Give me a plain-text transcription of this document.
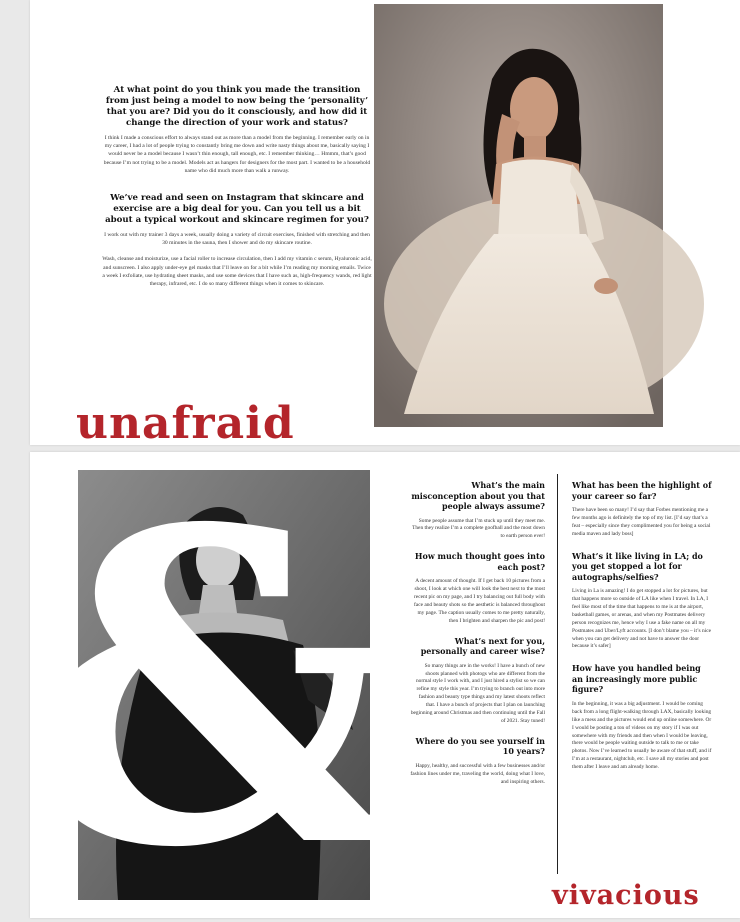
At what point do you think you made the transition from just being a model to now being the ‘personality’ that you are? Did you do it consciously, and how did it change the direction of your work and status?

I think I made a conscious effort to always stand out as more than a model from the beginning. I remember early on in my career, I had a lot of people trying to constantly bring me down and write nasty things about me, basically saying I would never be a model because I wasn’t thin enough, tall enough, etc. I remember thinking… Hmmm, that’s good because I’m not trying to be a model. Models act as hangers for designers for the most part. I wanted to be a household name who did much more than walk a runway.

We’ve read and seen on Instagram that skincare and exercise are a big deal for you. Can you tell us a bit about a typical workout and skincare regimen for you?

I work out with my trainer 3 days a week, usually doing a variety of circuit exercises, finished with stretching and then 30 minutes in the sauna, then I shower and do my skincare routine.

Wash, cleanse and moisturize, use a facial roller to increase circulation, then I add my vitamin c serum, Hyaluronic acid, and sunscreen. I also apply under-eye gel masks that I’ll leave on for a bit while I’m reading my morning emails. Twice a week I exfoliate, use hydrating sheet masks, and use some devices that I have such as, high-frequency wands, red light therapy, infrared, etc. I do so many different things when it comes to skincare.

unafraid
&	What’s the main misconception about you that people always assume?

Some people assume that I’m stuck up until they meet me. Then they realize I’m a complete goofball and the most down to earth person ever!

How much thought goes into each post?

A decent amount of thought. If I get back 10 pictures from a shoot, I look at which one will look the best next to the most recent pic on my page, and I try balancing out full body with face and beauty shots so the aesthetic is balanced throughout my page. The caption usually comes to me pretty naturally, then I brighten and sharpen the pic and post!

What’s next for you, personally and career wise?

So many things are in the works! I have a bunch of new shoots planned with photogs who are different from the normal style I work with, and I just hired a stylist so we can refine my style this year. I’m trying to branch out into more fashion and beauty type things and my latest shoots reflect that. I have a bunch of projects that I plan on launching beginning around Christmas and then continuing until the Fall of 2021. Stay tuned!

Where do you see yourself in 10 years?

Happy, healthy, and successful with a few businesses and/or fashion lines under me, traveling the world, doing what I love, and inspiring others.

What has been the highlight of your career so far?

There have been so many! I’d say that Forbes mentioning me a few months ago is definitely the top of my list. [I’d say that’s a feat – especially since they complimented you for being a social media maven and lady boss]

What’s it like living in LA; do you get stopped a lot for autographs/selfies?

Living in La is amazing! I do get stopped a lot for pictures, but that happens more so outside of LA like when I travel. In LA, I feel like most of the time that happens to me is at the airport, basketball games, or arenas, and when my Postmates delivery person recognizes me, hence why I use a fake name on all my Postmates and Uber/Lyft accounts. [I don’t blame you – it’s nice when you can get delivery and not have to answer the door because it’s safer]

How have you handled being an increasingly more public figure?

In the beginning, it was a big adjustment. I would be coming back from a long flight-walking through LAX, basically looking like a mess and the pictures would end up online somewhere. Or I would be posting a ton of videos on my story if I was out somewhere with my friends and then when I would be leaving, there would be people waiting outside to talk to me or take photos. Now I’ve learned to usually be aware of that stuff, and if I’m at a restaurant, nightclub, etc. I save all my stories and post them after I leave and am already home.

vivacious
